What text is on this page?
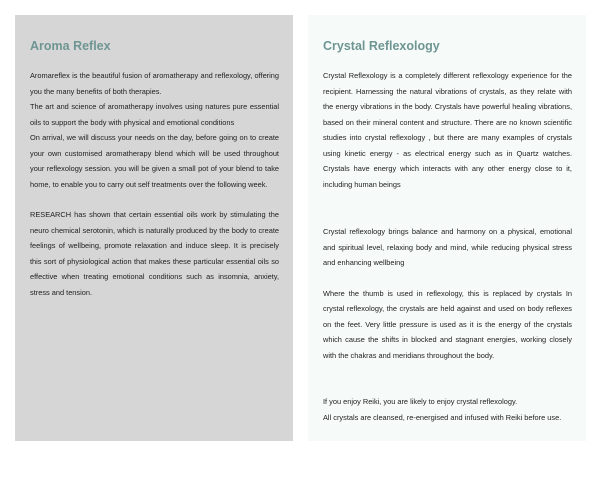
Aroma Reflex

Aromareflex is the beautiful fusion of aromatherapy and reflexology, offering you the many benefits of both therapies.

The art and science of aromatherapy involves using natures pure essential oils to support the body with physical and emotional conditions

On arrival, we will discuss your needs on the day, before going on to create your own customised aromatherapy blend which will be used throughout your reflexology session. you will be given a small pot of your blend to take home, to enable you to carry out self treatments over the following week.

RESEARCH has shown that certain essential oils work by stimulating the neuro chemical serotonin, which is naturally produced by the body to create feelings of wellbeing, promote relaxation and induce sleep. It is precisely this sort of physiological action that makes these particular essential oils so effective when treating emotional conditions such as insomnia, anxiety, stress and tension.

Crystal Reflexology

Crystal Reflexology is a completely different reflexology experience for the recipient. Harnessing the natural vibrations of crystals, as they relate with the energy vibrations in the body. Crystals have powerful healing vibrations, based on their mineral content and structure. There are no known scientific studies into crystal reflexology , but there are many examples of crystals using kinetic energy - as electrical energy such as in Quartz watches. Crystals have energy which interacts with any other energy close to it, including human beings

Crystal reflexology brings balance and harmony on a physical, emotional and spiritual level, relaxing body and mind, while reducing physical stress and enhancing wellbeing

Where the thumb is used in reflexology, this is replaced by crystals In crystal reflexology, the crystals are held against and used on body reflexes on the feet. Very little pressure is used as it is the energy of the crystals which cause the shifts in blocked and stagnant energies, working closely with the chakras and meridians throughout the body.

If you enjoy Reiki, you are likely to enjoy crystal reflexology.

All crystals are cleansed, re-energised and infused with Reiki before use.
